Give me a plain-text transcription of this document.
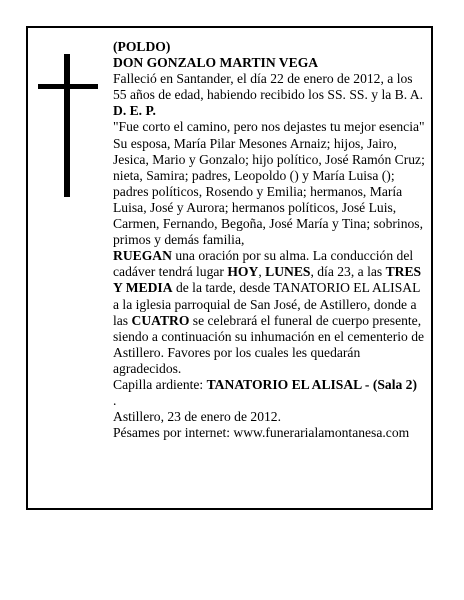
(POLDO)

DON GONZALO MARTIN VEGA

Falleció en Santander, el día 22 de enero de 2012, a los 55 años de edad, habiendo recibido los SS. SS. y la B. A.

D. E. P.

"Fue corto el camino, pero nos dejastes tu mejor esencia"

Su esposa, María Pilar Mesones Arnaiz; hijos, Jairo, Jesica, Mario y Gonzalo; hijo político, José Ramón Cruz; nieta, Samira; padres, Leopoldo () y María Luisa (); padres políticos, Rosendo y Emilia; hermanos, María Luisa, José y Aurora; hermanos políticos, José Luis, Carmen, Fernando, Begoña, José María y Tina; sobrinos, primos y demás familia,

RUEGAN una oración por su alma. La conducción del cadáver tendrá lugar HOY, LUNES, día 23, a las TRES Y MEDIA de la tarde, desde TANATORIO EL ALISAL a la iglesia parroquial de San José, de Astillero, donde a las CUATRO se celebrará el funeral de cuerpo presente, siendo a continuación su inhumación en el cementerio de Astillero. Favores por los cuales les quedarán agradecidos.

Capilla ardiente: TANATORIO EL ALISAL - (Sala 2)
.

Astillero, 23 de enero de 2012.

Pésames por internet: www.funerarialamontanesa.com
